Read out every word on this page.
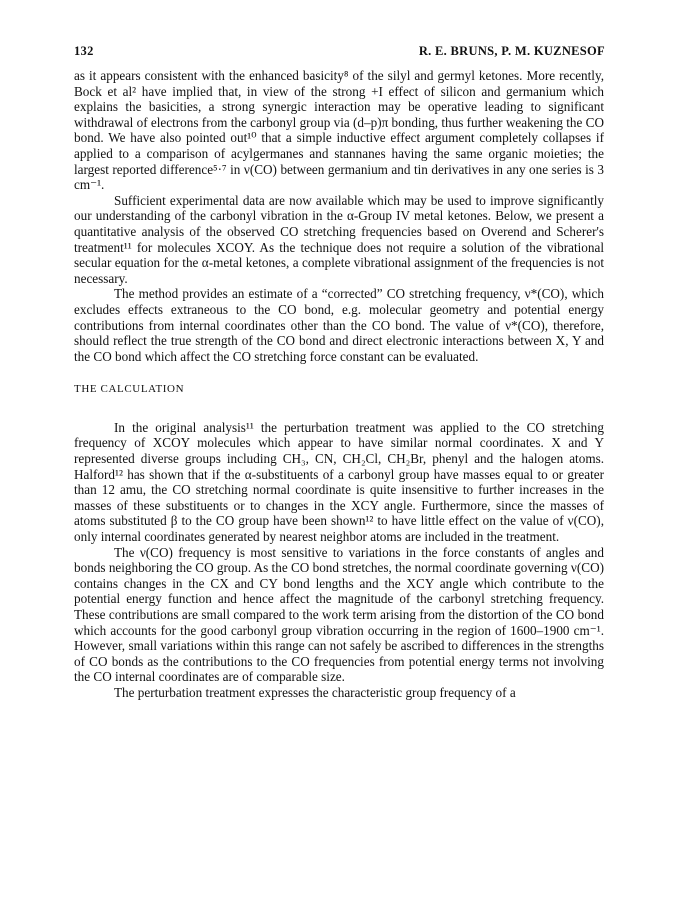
132	R. E. BRUNS, P. M. KUZNESOF

as it appears consistent with the enhanced basicity⁸ of the silyl and germyl ketones. More recently, Bock et al² have implied that, in view of the strong +I effect of silicon and germanium which explains the basicities, a strong synergic interaction may be operative leading to significant withdrawal of electrons from the carbonyl group via (d–p)π bonding, thus further weakening the CO bond. We have also pointed out¹⁰ that a simple inductive effect argument completely collapses if applied to a comparison of acylgermanes and stannanes having the same organic moieties; the largest reported difference⁵·⁷ in ν(CO) between germanium and tin derivatives in any one series is 3 cm⁻¹.

Sufficient experimental data are now available which may be used to improve significantly our understanding of the carbonyl vibration in the α-Group IV metal ketones. Below, we present a quantitative analysis of the observed CO stretching frequencies based on Overend and Scherer's treatment¹¹ for molecules XCOY. As the technique does not require a solution of the vibrational secular equation for the α-metal ketones, a complete vibrational assignment of the frequencies is not necessary.

The method provides an estimate of a “corrected” CO stretching frequency, ν*(CO), which excludes effects extraneous to the CO bond, e.g. molecular geometry and potential energy contributions from internal coordinates other than the CO bond. The value of ν*(CO), therefore, should reflect the true strength of the CO bond and direct electronic interactions between X, Y and the CO bond which affect the CO stretching force constant can be evaluated.

THE CALCULATION

In the original analysis¹¹ the perturbation treatment was applied to the CO stretching frequency of XCOY molecules which appear to have similar normal coordinates. X and Y represented diverse groups including CH₃, CN, CH₂Cl, CH₂Br, phenyl and the halogen atoms. Halford¹² has shown that if the α-substituents of a carbonyl group have masses equal to or greater than 12 amu, the CO stretching normal coordinate is quite insensitive to further increases in the masses of these substituents or to changes in the XCY angle. Furthermore, since the masses of atoms substituted β to the CO group have been shown¹² to have little effect on the value of ν(CO), only internal coordinates generated by nearest neighbor atoms are included in the treatment.

The ν(CO) frequency is most sensitive to variations in the force constants of angles and bonds neighboring the CO group. As the CO bond stretches, the normal coordinate governing ν(CO) contains changes in the CX and CY bond lengths and the XCY angle which contribute to the potential energy function and hence affect the magnitude of the carbonyl stretching frequency. These contributions are small compared to the work term arising from the distortion of the CO bond which accounts for the good carbonyl group vibration occurring in the region of 1600–1900 cm⁻¹. However, small variations within this range can not safely be ascribed to differences in the strengths of CO bonds as the contributions to the CO frequencies from potential energy terms not involving the CO internal coordinates are of comparable size.

The perturbation treatment expresses the characteristic group frequency of a
